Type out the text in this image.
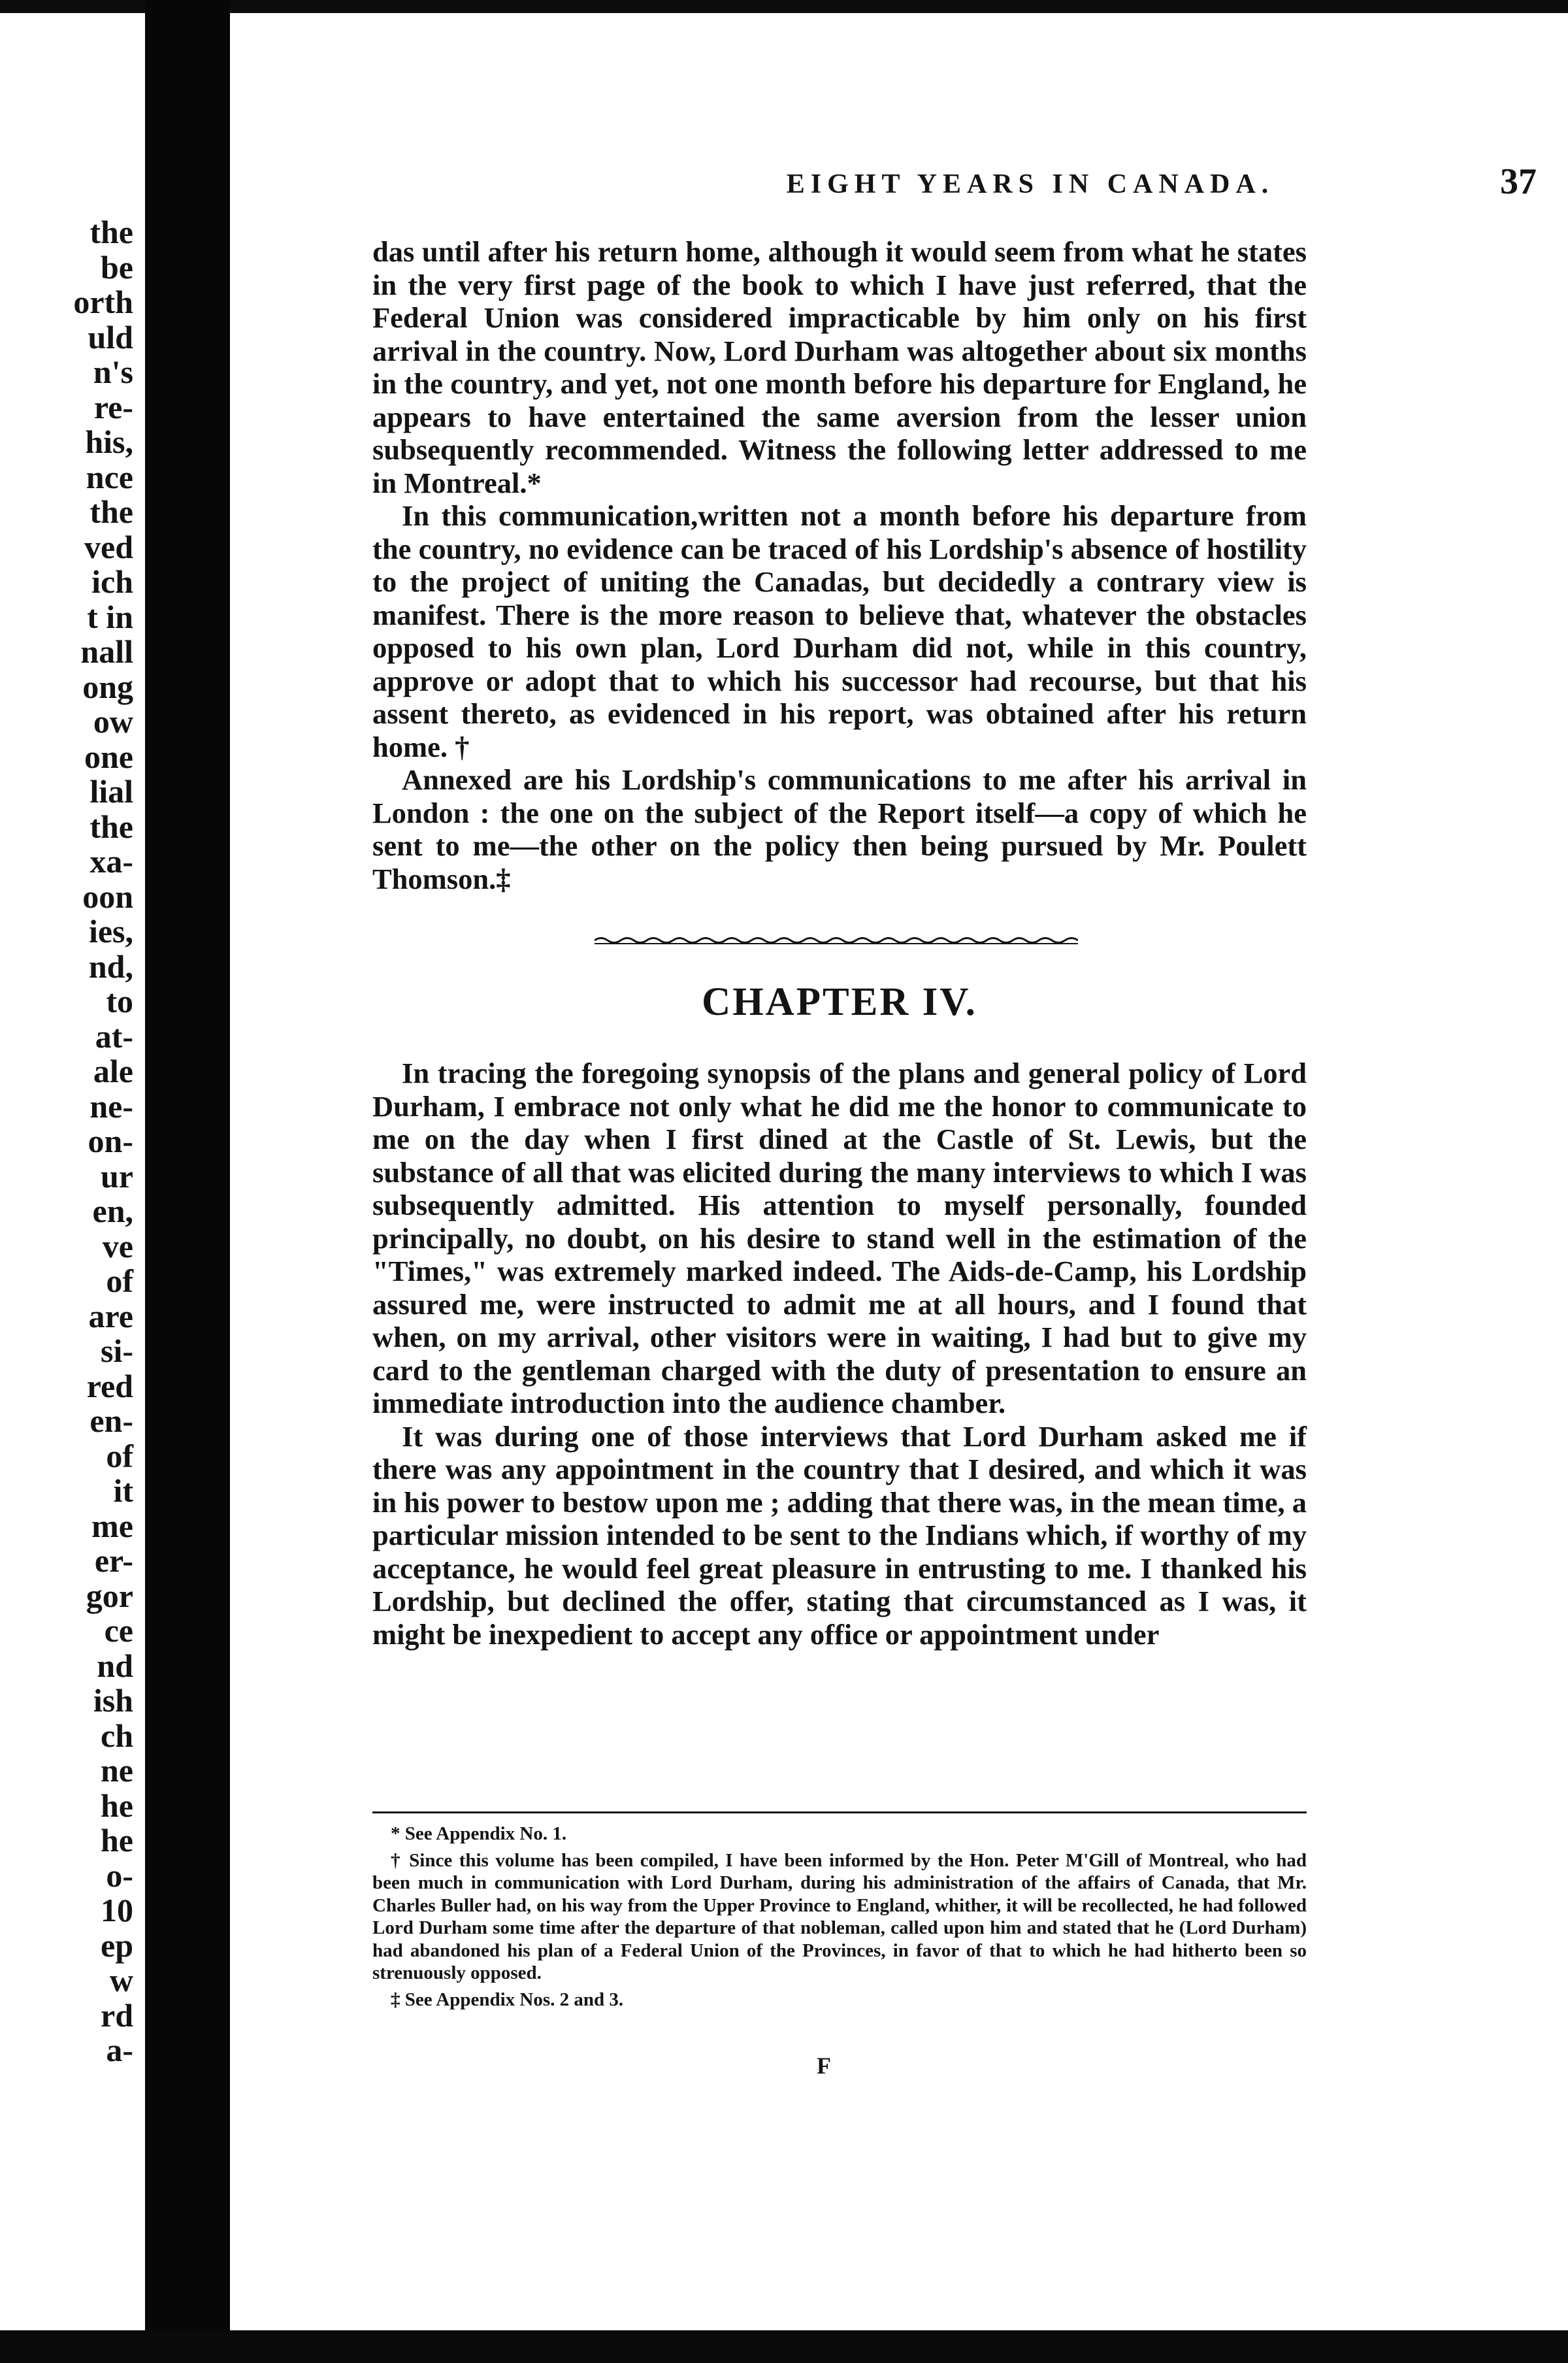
the
be
orth
uld
n's
re-
his,
nce
the
ved
ich
t in
nall
ong
ow
one
lial
the
xa-
oon
ies,
nd,
to
at-
ale
ne-
on-
ur
en,
ve
of
are
si-
red
en-
of
it
me
er-
gor
ce
nd
ish
ch
ne
he
he
o-
10
ep
w
rd
a-
EIGHT YEARS IN CANADA.	37

das until after his return home, although it would seem from what he states in the very first page of the book to which I have just referred, that the Federal Union was considered impracticable by him only on his first arrival in the country. Now, Lord Durham was altogether about six months in the country, and yet, not one month before his departure for England, he appears to have entertained the same aversion from the lesser union subsequently recommended. Witness the following letter addressed to me in Montreal.*

In this communication,written not a month before his departure from the country, no evidence can be traced of his Lordship's absence of hostility to the project of uniting the Canadas, but decidedly a contrary view is manifest. There is the more reason to believe that, whatever the obstacles opposed to his own plan, Lord Durham did not, while in this country, approve or adopt that to which his successor had recourse, but that his assent thereto, as evidenced in his report, was obtained after his return home. †

Annexed are his Lordship's communications to me after his arrival in London : the one on the subject of the Report itself—a copy of which he sent to me—the other on the policy then being pursued by Mr. Poulett Thomson.‡

CHAPTER IV.

In tracing the foregoing synopsis of the plans and general policy of Lord Durham, I embrace not only what he did me the honor to communicate to me on the day when I first dined at the Castle of St. Lewis, but the substance of all that was elicited during the many interviews to which I was subsequently admitted. His attention to myself personally, founded principally, no doubt, on his desire to stand well in the estimation of the "Times," was extremely marked indeed. The Aids-de-Camp, his Lordship assured me, were instructed to admit me at all hours, and I found that when, on my arrival, other visitors were in waiting, I had but to give my card to the gentleman charged with the duty of presentation to ensure an immediate introduction into the audience chamber.

It was during one of those interviews that Lord Durham asked me if there was any appointment in the country that I desired, and which it was in his power to bestow upon me ; adding that there was, in the mean time, a particular mission intended to be sent to the Indians which, if worthy of my acceptance, he would feel great pleasure in entrusting to me. I thanked his Lordship, but declined the offer, stating that circumstanced as I was, it might be inexpedient to accept any office or appointment under

* See Appendix No. 1.

† Since this volume has been compiled, I have been informed by the Hon. Peter M'Gill of Montreal, who had been much in communication with Lord Durham, during his administration of the affairs of Canada, that Mr. Charles Buller had, on his way from the Upper Province to England, whither, it will be recollected, he had followed Lord Durham some time after the departure of that nobleman, called upon him and stated that he (Lord Durham) had abandoned his plan of a Federal Union of the Provinces, in favor of that to which he had hitherto been so strenuously opposed.

‡ See Appendix Nos. 2 and 3.

F
